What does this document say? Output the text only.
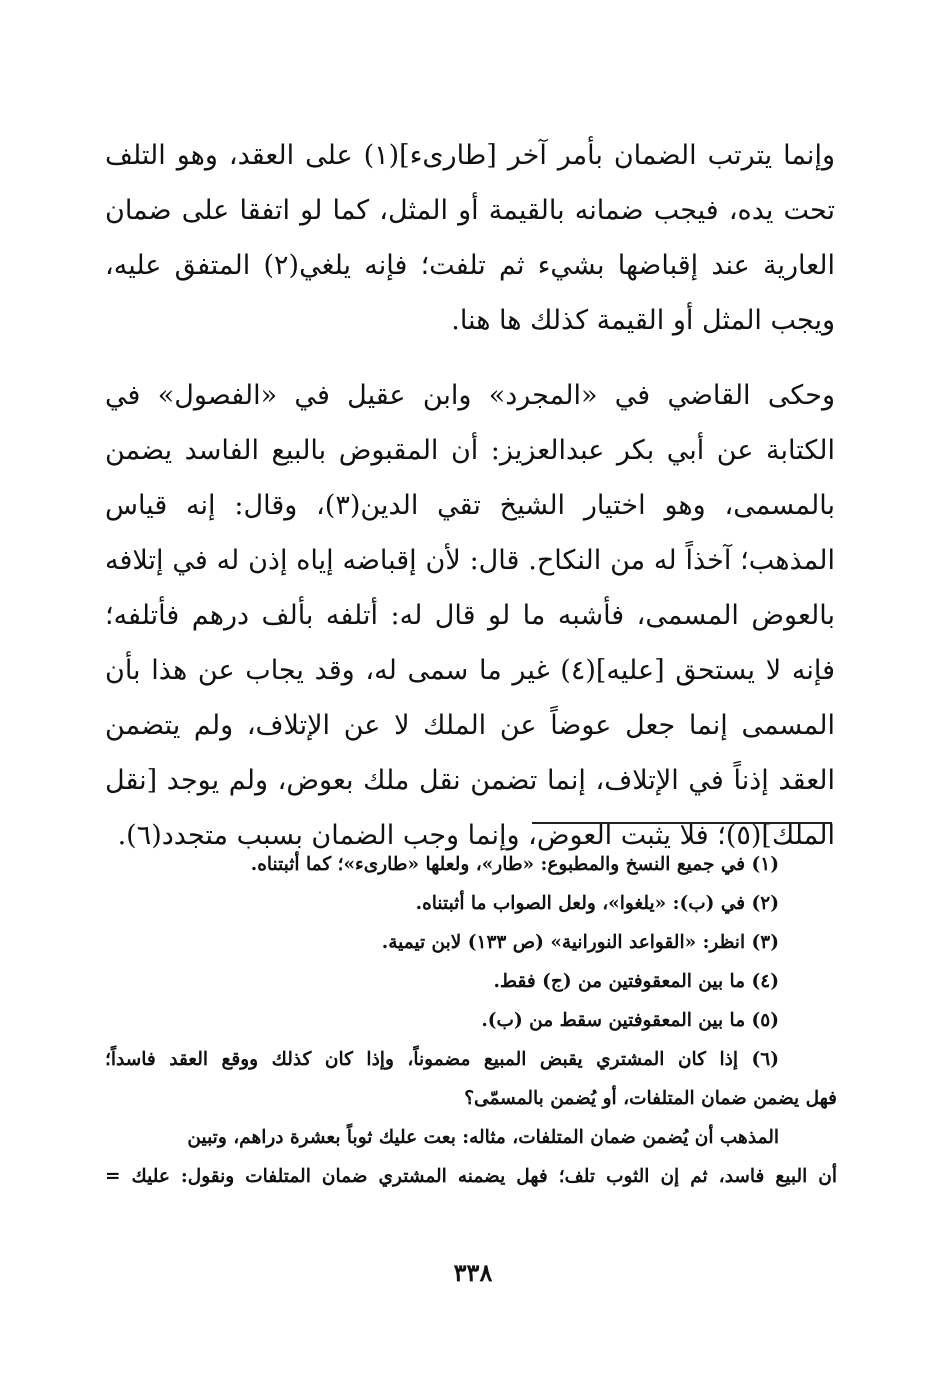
وإنما يترتب الضمان بأمر آخر [طارىء](١) على العقد، وهو التلف تحت يده، فيجب ضمانه بالقيمة أو المثل، كما لو اتفقا على ضمان العارية عند إقباضها بشيء ثم تلفت؛ فإنه يلغي(٢) المتفق عليه، ويجب المثل أو القيمة كذلك ها هنا.

وحكى القاضي في «المجرد» وابن عقيل في «الفصول» في الكتابة عن أبي بكر عبدالعزيز: أن المقبوض بالبيع الفاسد يضمن بالمسمى، وهو اختيار الشيخ تقي الدين(٣)، وقال: إنه قياس المذهب؛ آخذاً له من النكاح. قال: لأن إقباضه إياه إذن له في إتلافه بالعوض المسمى، فأشبه ما لو قال له: أتلفه بألف درهم فأتلفه؛ فإنه لا يستحق [عليه](٤) غير ما سمى له، وقد يجاب عن هذا بأن المسمى إنما جعل عوضاً عن الملك لا عن الإتلاف، ولم يتضمن العقد إذناً في الإتلاف، إنما تضمن نقل ملك بعوض، ولم يوجد [نقل الملك](٥)؛ فلا يثبت العوض، وإنما وجب الضمان بسبب متجدد(٦).

(١) في جميع النسخ والمطبوع: «طار»، ولعلها «طارىء»؛ كما أثبتناه.

(٢) في (ب): «يلغوا»، ولعل الصواب ما أثبتناه.

(٣) انظر: «القواعد النورانية» (ص ١٣٣) لابن تيمية.

(٤) ما بين المعقوفتين من (ج) فقط.

(٥) ما بين المعقوفتين سقط من (ب).

(٦) إذا كان المشتري يقبض المبيع مضموناً، وإذا كان كذلك ووقع العقد فاسداً؛

فهل يضمن ضمان المتلفات، أو يُضمن بالمسمّى؟

المذهب أن يُضمن ضمان المتلفات، مثاله: بعت عليك ثوباً بعشرة دراهم، وتبين

أن البيع فاسد، ثم إن الثوب تلف؛ فهل يضمنه المشتري ضمان المتلفات ونقول: عليك =

٣٣٨
